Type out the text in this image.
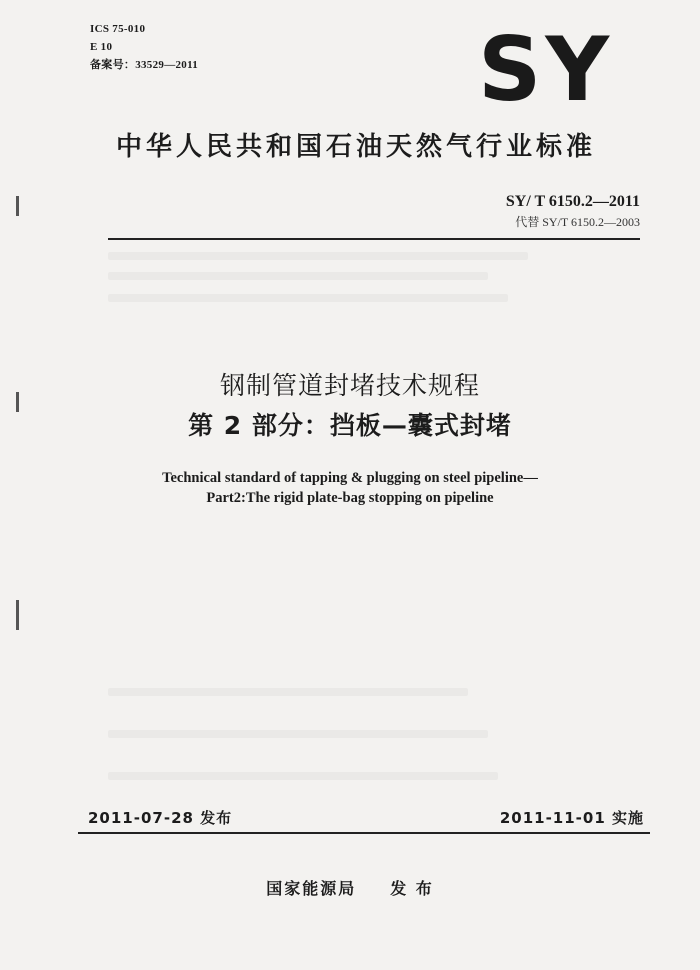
ICS 75-010
E 10
备案号：33529—2011	SY
中华人民共和国石油天然气行业标准
SY/ T 6150.2—2011
代替 SY/T 6150.2—2003
钢制管道封堵技术规程
第 2 部分：挡板—囊式封堵
Technical standard of tapping & plugging on steel pipeline—
Part2:The rigid plate-bag stopping on pipeline
2011-07-28 发布	2011-11-01 实施
国家能源局 发 布
